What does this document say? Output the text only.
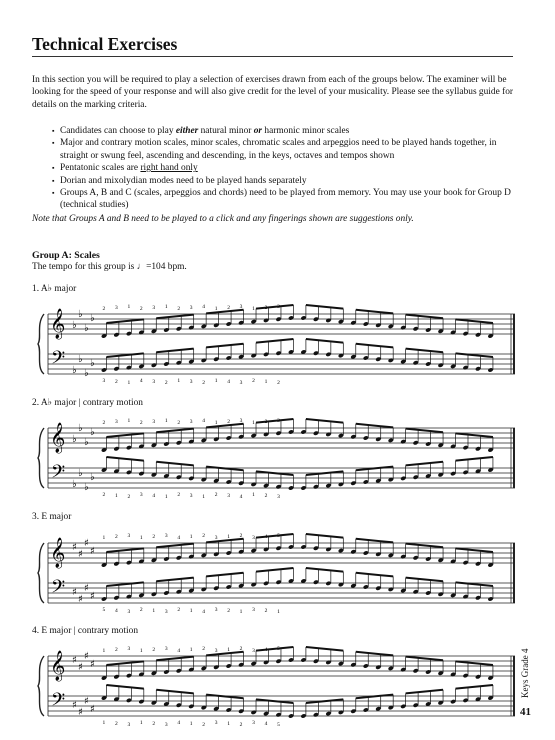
Technical Exercises

In this section you will be required to play a selection of exercises drawn from each of the groups below. The examiner will be looking for the speed of your response and will also give credit for the level of your musicality. Please see the syllabus guide for details on the marking criteria.

▪ Candidates can choose to play either natural minor or harmonic minor scales
▪ Major and contrary motion scales, minor scales, chromatic scales and arpeggios need to be played hands together, in straight or swung feel, ascending and descending, in the keys, octaves and tempos shown
▪ Pentatonic scales are right hand only
▪ Dorian and mixolydian modes need to be played hands separately
▪ Groups A, B and C (scales, arpeggios and chords) need to be played from memory. You may use your book for Group D (technical studies)

Note that Groups A and B need to be played to a click and any fingerings shown are suggestions only.

Group A: Scales

The tempo for this group is ♩=104 bpm.

1. A♭ major

𝄞
𝄢
♭
♭
♭
♭
♭
♭
♭
♭
2 3 1 2 3 1 2 3 4 1 2 3 1 2 3
3 2 1 4 3 2 1 3 2 1 4 3 2 1 2

2. A♭ major | contrary motion

𝄞
𝄢
♭
♭
♭
♭
♭
♭
♭
♭
2 3 1 2 3 1 2 3 4 1 2 3 1 2 3
2 1 2 3 4 1 2 3 1 2 3 4 1 2 3

3. E major

𝄞
𝄢
♯
♯
♯
♯
♯
♯
♯
♯
1 2 3 1 2 3 4 1 2 3 1 2 3 4 5
5 4 3 2 1 3 2 1 4 3 2 1 3 2 1

4. E major | contrary motion

𝄞
𝄢
♯
♯
♯
♯
♯
♯
♯
♯
1 2 3 1 2 3 4 1 2 3 1 2 3 4 5
1 2 3 1 2 3 4 1 2 3 1 2 3 4 5
Keys Grade 4
41
